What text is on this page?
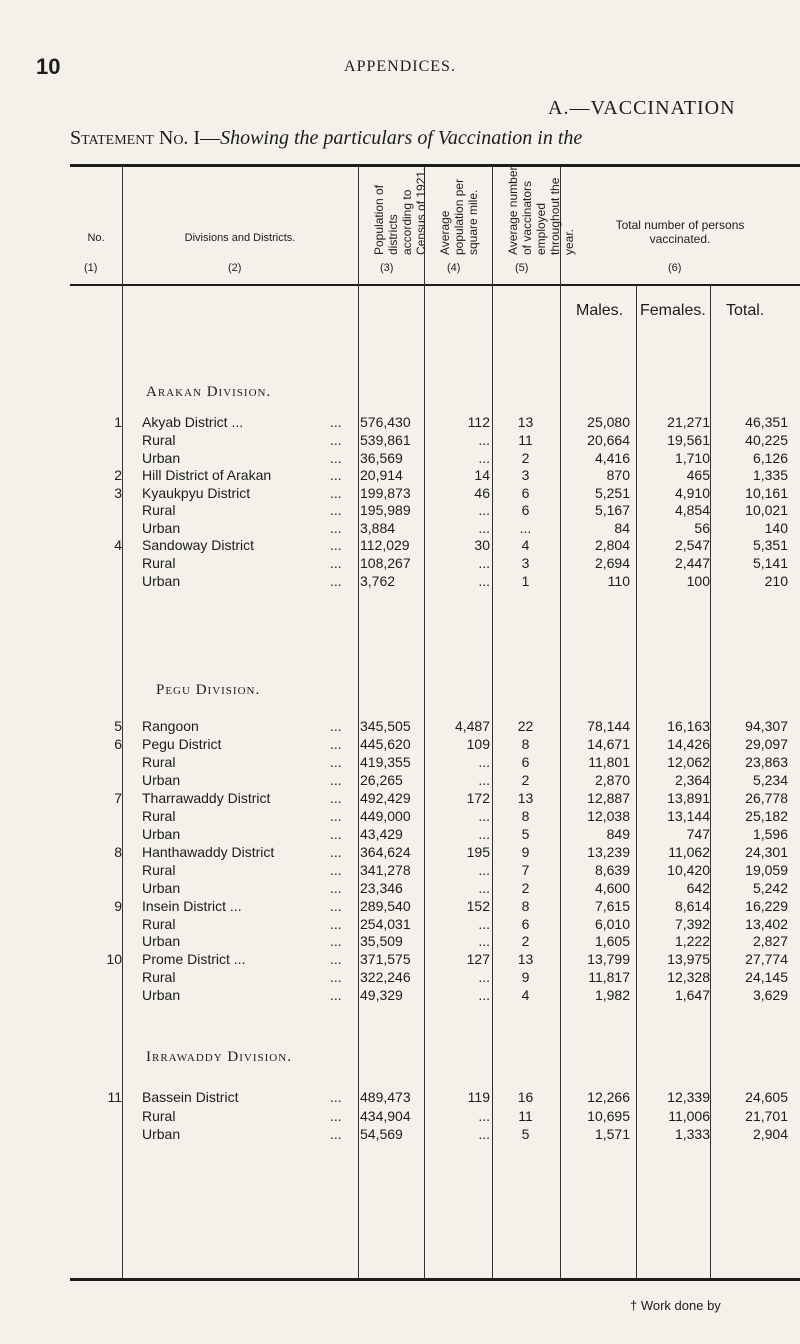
10	APPENDICES.
A.—VACCINATION
Statement No. I—Showing the particulars of Vaccination in the
No.
(1)
Divisions and Districts.
(2)
Population of districts according to Census of 1921.
(3)
Average population per square mile.
(4)
Average number of vaccinators employed throughout the year.
(5)
Total number of persons vaccinated.
(6)
Males. Females. Total.
Arakan Division.
Pegu Division.
Irrawaddy Division.
1 Akyab District ...	... 576,430	112	13	25,080	21,271	46,351
Rural	... 539,861	...	11	20,664	19,561	40,225
Urban	... 36,569	...	2	4,416	1,710	6,126
2 Hill District of Arakan	... 20,914	14	3	870	465	1,335
3 Kyaukpyu District	... 199,873	46	6	5,251	4,910	10,161
Rural	... 195,989	...	6	5,167	4,854	10,021
Urban	... 3,884	...	...	84	56	140
4 Sandoway District	... 112,029	30	4	2,804	2,547	5,351
Rural	... 108,267	...	3	2,694	2,447	5,141
Urban	... 3,762	...	1	110	100	210
5 Rangoon	... 345,505	4,487	22	78,144	16,163	94,307
6 Pegu District	... 445,620	109	8	14,671	14,426	29,097
Rural	... 419,355	...	6	11,801	12,062	23,863
Urban	... 26,265	...	2	2,870	2,364	5,234
7 Tharrawaddy District	... 492,429	172	13	12,887	13,891	26,778
Rural	... 449,000	...	8	12,038	13,144	25,182
Urban	... 43,429	...	5	849	747	1,596
8 Hanthawaddy District	... 364,624	195	9	13,239	11,062	24,301
Rural	... 341,278	...	7	8,639	10,420	19,059
Urban	... 23,346	...	2	4,600	642	5,242
9 Insein District ...	... 289,540	152	8	7,615	8,614	16,229
Rural	... 254,031	...	6	6,010	7,392	13,402
Urban	... 35,509	...	2	1,605	1,222	2,827
10 Prome District ...	... 371,575	127	13	13,799	13,975	27,774
Rural	... 322,246	...	9	11,817	12,328	24,145
Urban	... 49,329	...	4	1,982	1,647	3,629
11 Bassein District	... 489,473	119	16	12,266	12,339	24,605
Rural	... 434,904	...	11	10,695	11,006	21,701
Urban	... 54,569	...	5	1,571	1,333	2,904
† Work done by
